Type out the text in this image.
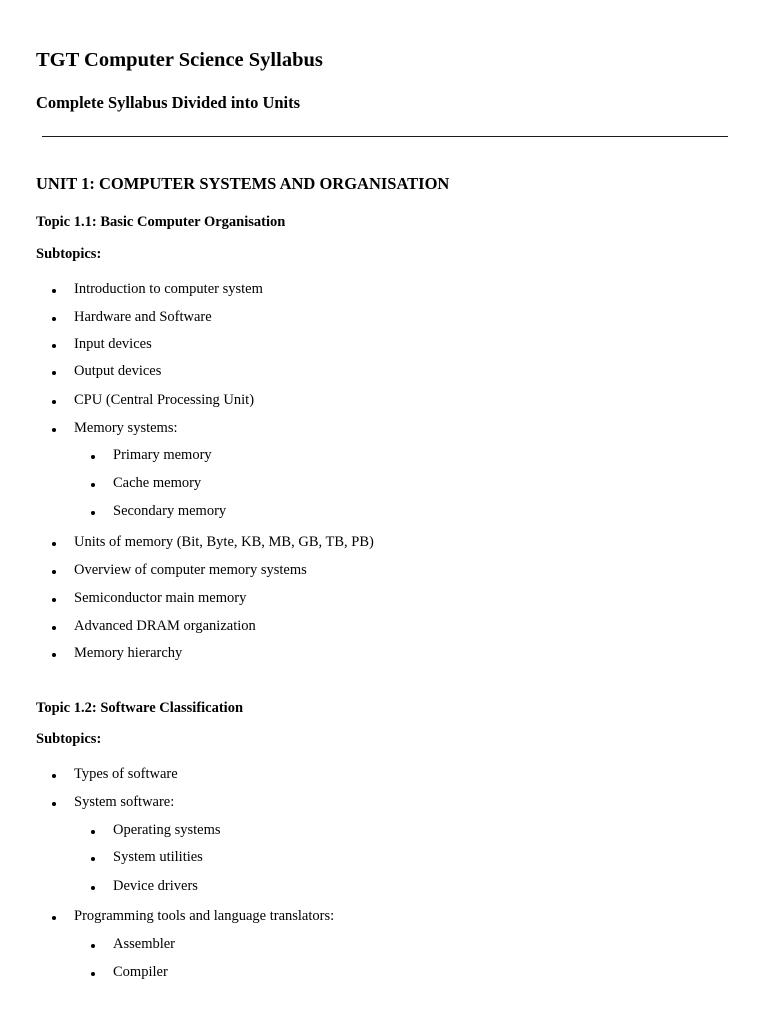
TGT Computer Science Syllabus
Complete Syllabus Divided into Units
UNIT 1: COMPUTER SYSTEMS AND ORGANISATION
Topic 1.1: Basic Computer Organisation

Subtopics:

Introduction to computer system

Hardware and Software

Input devices

Output devices

CPU (Central Processing Unit)

Memory systems:

Primary memory

Cache memory

Secondary memory

Units of memory (Bit, Byte, KB, MB, GB, TB, PB)

Overview of computer memory systems

Semiconductor main memory

Advanced DRAM organization

Memory hierarchy

Topic 1.2: Software Classification

Subtopics:

Types of software

System software:

Operating systems

System utilities

Device drivers

Programming tools and language translators:

Assembler

Compiler
